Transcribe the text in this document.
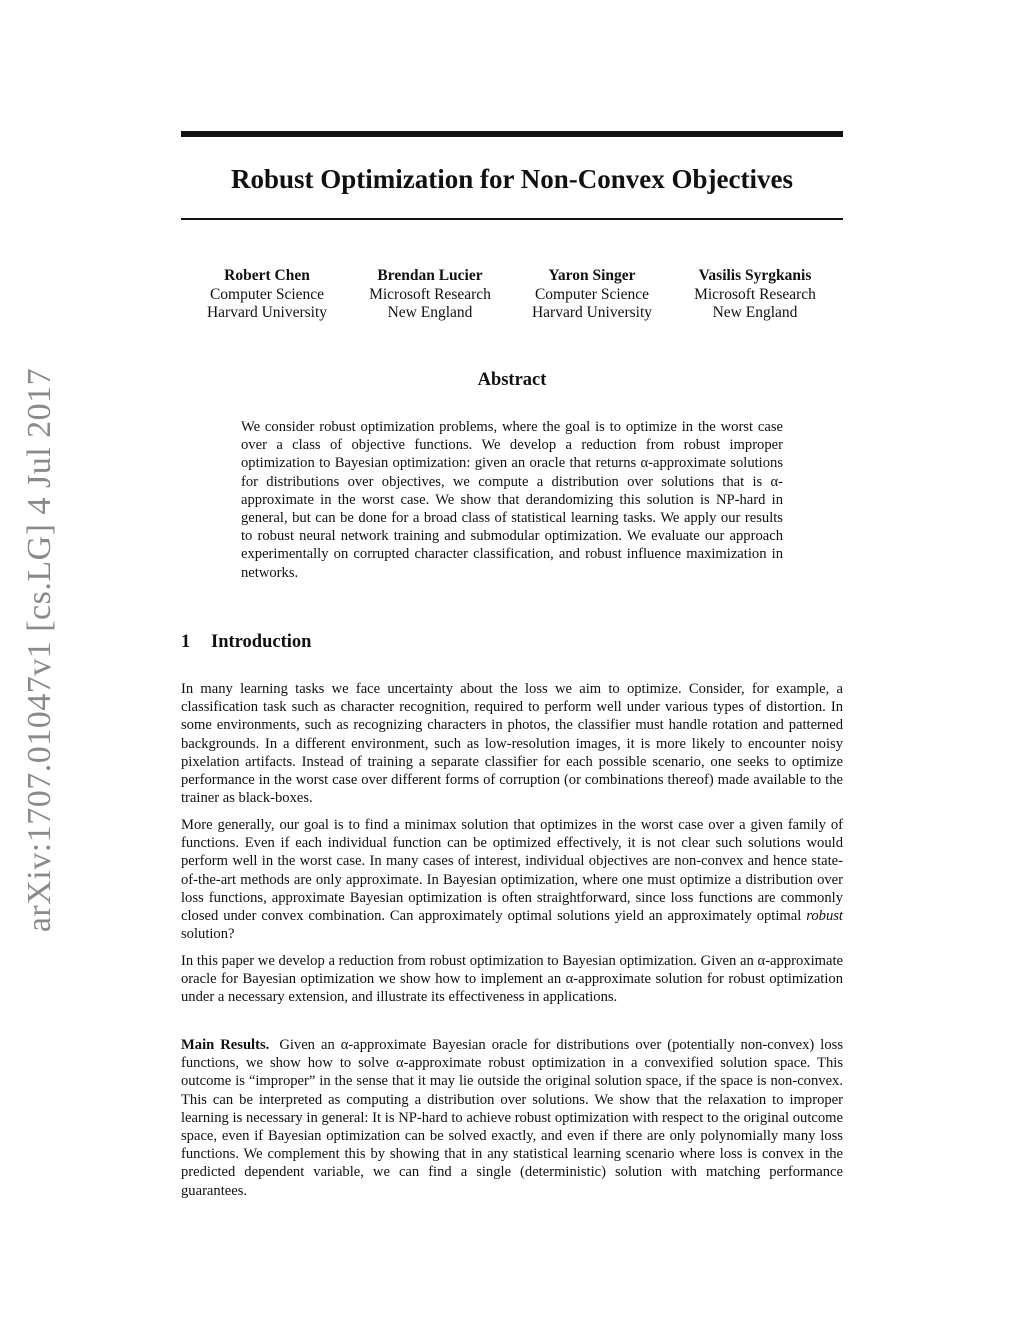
arXiv:1707.01047v1 [cs.LG] 4 Jul 2017
Robust Optimization for Non-Convex Objectives
Robert Chen
Computer Science
Harvard University
Brendan Lucier
Microsoft Research
New England
Yaron Singer
Computer Science
Harvard University
Vasilis Syrgkanis
Microsoft Research
New England
Abstract

We consider robust optimization problems, where the goal is to optimize in the worst case over a class of objective functions. We develop a reduction from robust improper optimization to Bayesian optimization: given an oracle that returns α-approximate solutions for distributions over objectives, we compute a distribution over solutions that is α-approximate in the worst case. We show that derandomizing this solution is NP-hard in general, but can be done for a broad class of statistical learning tasks. We apply our results to robust neural network training and submodular optimization. We evaluate our approach experimentally on corrupted character classification, and robust influence maximization in networks.

1 Introduction

In many learning tasks we face uncertainty about the loss we aim to optimize. Consider, for example, a classification task such as character recognition, required to perform well under various types of distortion. In some environments, such as recognizing characters in photos, the classifier must handle rotation and patterned backgrounds. In a different environment, such as low-resolution images, it is more likely to encounter noisy pixelation artifacts. Instead of training a separate classifier for each possible scenario, one seeks to optimize performance in the worst case over different forms of corruption (or combinations thereof) made available to the trainer as black-boxes.

More generally, our goal is to find a minimax solution that optimizes in the worst case over a given family of functions. Even if each individual function can be optimized effectively, it is not clear such solutions would perform well in the worst case. In many cases of interest, individual objectives are non-convex and hence state-of-the-art methods are only approximate. In Bayesian optimization, where one must optimize a distribution over loss functions, approximate Bayesian optimization is often straightforward, since loss functions are commonly closed under convex combination. Can approximately optimal solutions yield an approximately optimal robust solution?

In this paper we develop a reduction from robust optimization to Bayesian optimization. Given an α-approximate oracle for Bayesian optimization we show how to implement an α-approximate solution for robust optimization under a necessary extension, and illustrate its effectiveness in applications.

Main Results. Given an α-approximate Bayesian oracle for distributions over (potentially non-convex) loss functions, we show how to solve α-approximate robust optimization in a convexified solution space. This outcome is “improper” in the sense that it may lie outside the original solution space, if the space is non-convex. This can be interpreted as computing a distribution over solutions. We show that the relaxation to improper learning is necessary in general: It is NP-hard to achieve robust optimization with respect to the original outcome space, even if Bayesian optimization can be solved exactly, and even if there are only polynomially many loss functions. We complement this by showing that in any statistical learning scenario where loss is convex in the predicted dependent variable, we can find a single (deterministic) solution with matching performance guarantees.
